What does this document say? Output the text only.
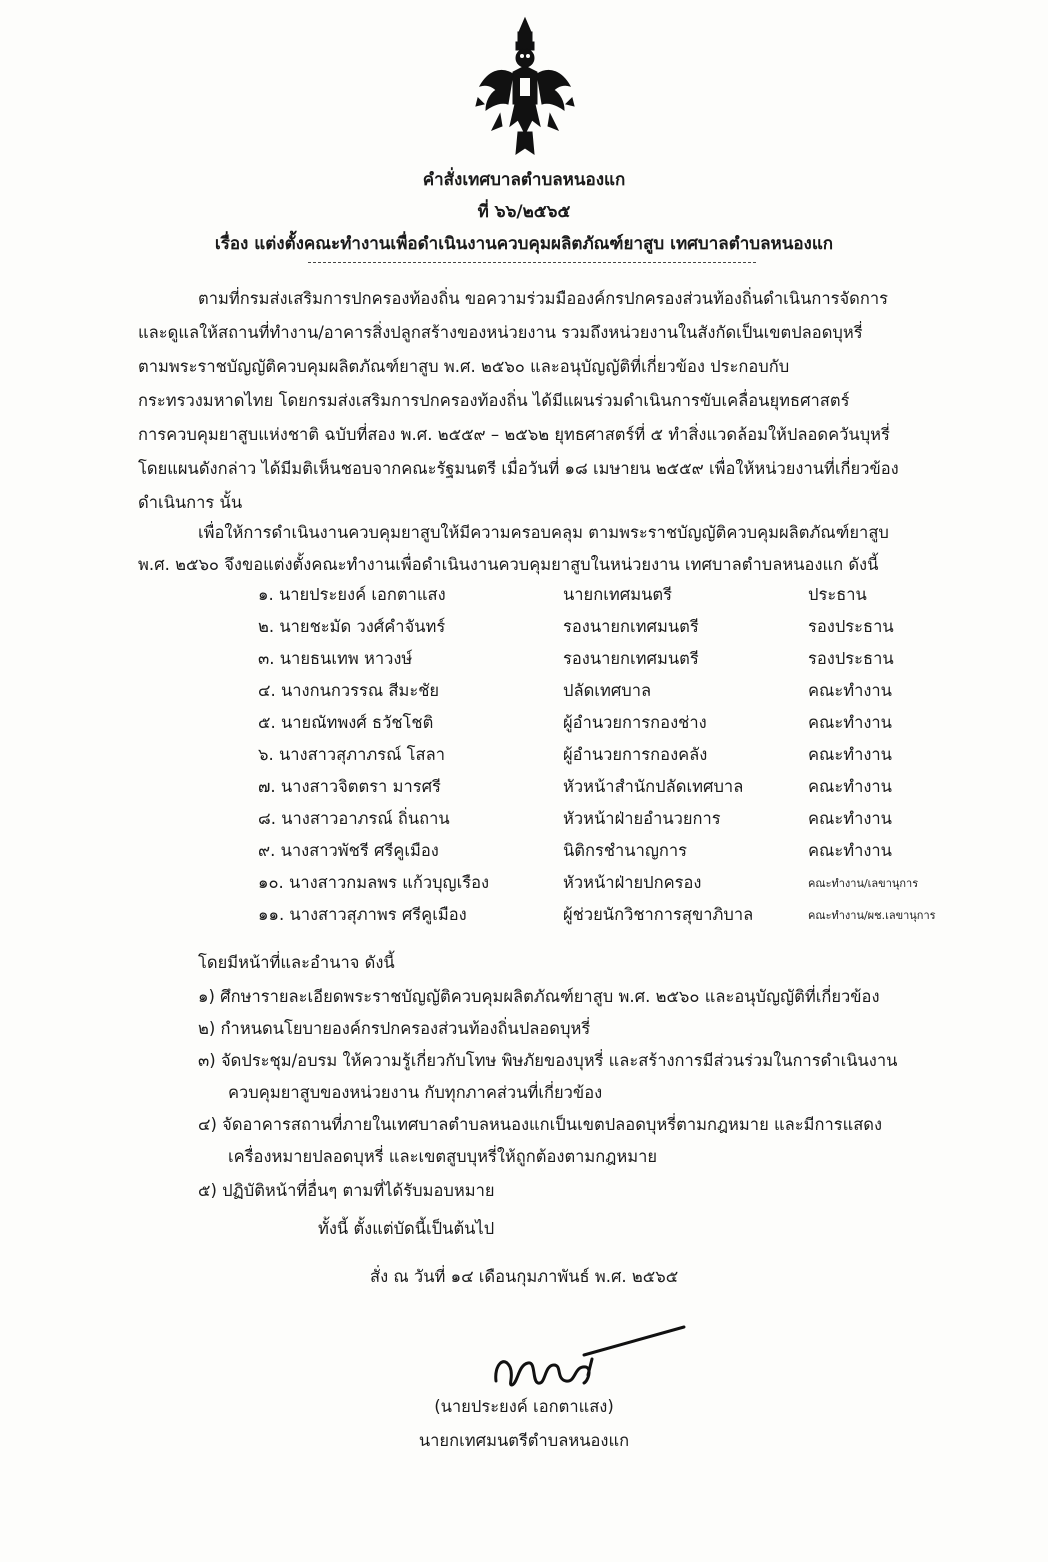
คำสั่งเทศบาลตำบลหนองแก
ที่ ๖๖/๒๕๖๕
เรื่อง แต่งตั้งคณะทำงานเพื่อดำเนินงานควบคุมผลิตภัณฑ์ยาสูบ เทศบาลตำบลหนองแก
ตามที่กรมส่งเสริมการปกครองท้องถิ่น ขอความร่วมมือองค์กรปกครองส่วนท้องถิ่นดำเนินการจัดการ
และดูแลให้สถานที่ทำงาน/อาคารสิ่งปลูกสร้างของหน่วยงาน รวมถึงหน่วยงานในสังกัดเป็นเขตปลอดบุหรี่
ตามพระราชบัญญัติควบคุมผลิตภัณฑ์ยาสูบ พ.ศ. ๒๕๖๐ และอนุบัญญัติที่เกี่ยวข้อง ประกอบกับ
กระทรวงมหาดไทย โดยกรมส่งเสริมการปกครองท้องถิ่น ได้มีแผนร่วมดำเนินการขับเคลื่อนยุทธศาสตร์
การควบคุมยาสูบแห่งชาติ ฉบับที่สอง พ.ศ. ๒๕๕๙ – ๒๕๖๒ ยุทธศาสตร์ที่ ๕ ทำสิ่งแวดล้อมให้ปลอดควันบุหรี่
โดยแผนดังกล่าว ได้มีมติเห็นชอบจากคณะรัฐมนตรี เมื่อวันที่ ๑๘ เมษายน ๒๕๕๙ เพื่อให้หน่วยงานที่เกี่ยวข้อง
ดำเนินการ นั้น
เพื่อให้การดำเนินงานควบคุมยาสูบให้มีความครอบคลุม ตามพระราชบัญญัติควบคุมผลิตภัณฑ์ยาสูบ
พ.ศ. ๒๕๖๐ จึงขอแต่งตั้งคณะทำงานเพื่อดำเนินงานควบคุมยาสูบในหน่วยงาน เทศบาลตำบลหนองแก ดังนี้
๑. นายประยงค์ เอกตาแสง	นายกเทศมนตรี	ประธาน
๒. นายชะมัด วงศ์คำจันทร์	รองนายกเทศมนตรี	รองประธาน
๓. นายธนเทพ หาวงษ์	รองนายกเทศมนตรี	รองประธาน
๔. นางกนกวรรณ สีมะชัย	ปลัดเทศบาล	คณะทำงาน
๕. นายณัทพงศ์ ธวัชโชติ	ผู้อำนวยการกองช่าง	คณะทำงาน
๖. นางสาวสุภาภรณ์ โสลา	ผู้อำนวยการกองคลัง	คณะทำงาน
๗. นางสาวจิตตรา มารศรี	หัวหน้าสำนักปลัดเทศบาล	คณะทำงาน
๘. นางสาวอาภรณ์ ถิ่นถาน	หัวหน้าฝ่ายอำนวยการ	คณะทำงาน
๙. นางสาวพัชรี ศรีคูเมือง	นิติกรชำนาญการ	คณะทำงาน
๑๐. นางสาวกมลพร แก้วบุญเรือง	หัวหน้าฝ่ายปกครอง	คณะทำงาน/เลขานุการ
๑๑. นางสาวสุภาพร ศรีคูเมือง	ผู้ช่วยนักวิชาการสุขาภิบาล	คณะทำงาน/ผช.เลขานุการ
โดยมีหน้าที่และอำนาจ ดังนี้
๑) ศึกษารายละเอียดพระราชบัญญัติควบคุมผลิตภัณฑ์ยาสูบ พ.ศ. ๒๕๖๐ และอนุบัญญัติที่เกี่ยวข้อง
๒) กำหนดนโยบายองค์กรปกครองส่วนท้องถิ่นปลอดบุหรี่
๓) จัดประชุม/อบรม ให้ความรู้เกี่ยวกับโทษ พิษภัยของบุหรี่ และสร้างการมีส่วนร่วมในการดำเนินงาน
ควบคุมยาสูบของหน่วยงาน กับทุกภาคส่วนที่เกี่ยวข้อง
๔) จัดอาคารสถานที่ภายในเทศบาลตำบลหนองแกเป็นเขตปลอดบุหรี่ตามกฎหมาย และมีการแสดง
เครื่องหมายปลอดบุหรี่ และเขตสูบบุหรี่ให้ถูกต้องตามกฎหมาย
๕) ปฏิบัติหน้าที่อื่นๆ ตามที่ได้รับมอบหมาย
ทั้งนี้ ตั้งแต่บัดนี้เป็นต้นไป
สั่ง ณ วันที่ ๑๔ เดือนกุมภาพันธ์ พ.ศ. ๒๕๖๕
(นายประยงค์ เอกตาแสง)
นายกเทศมนตรีตำบลหนองแก
